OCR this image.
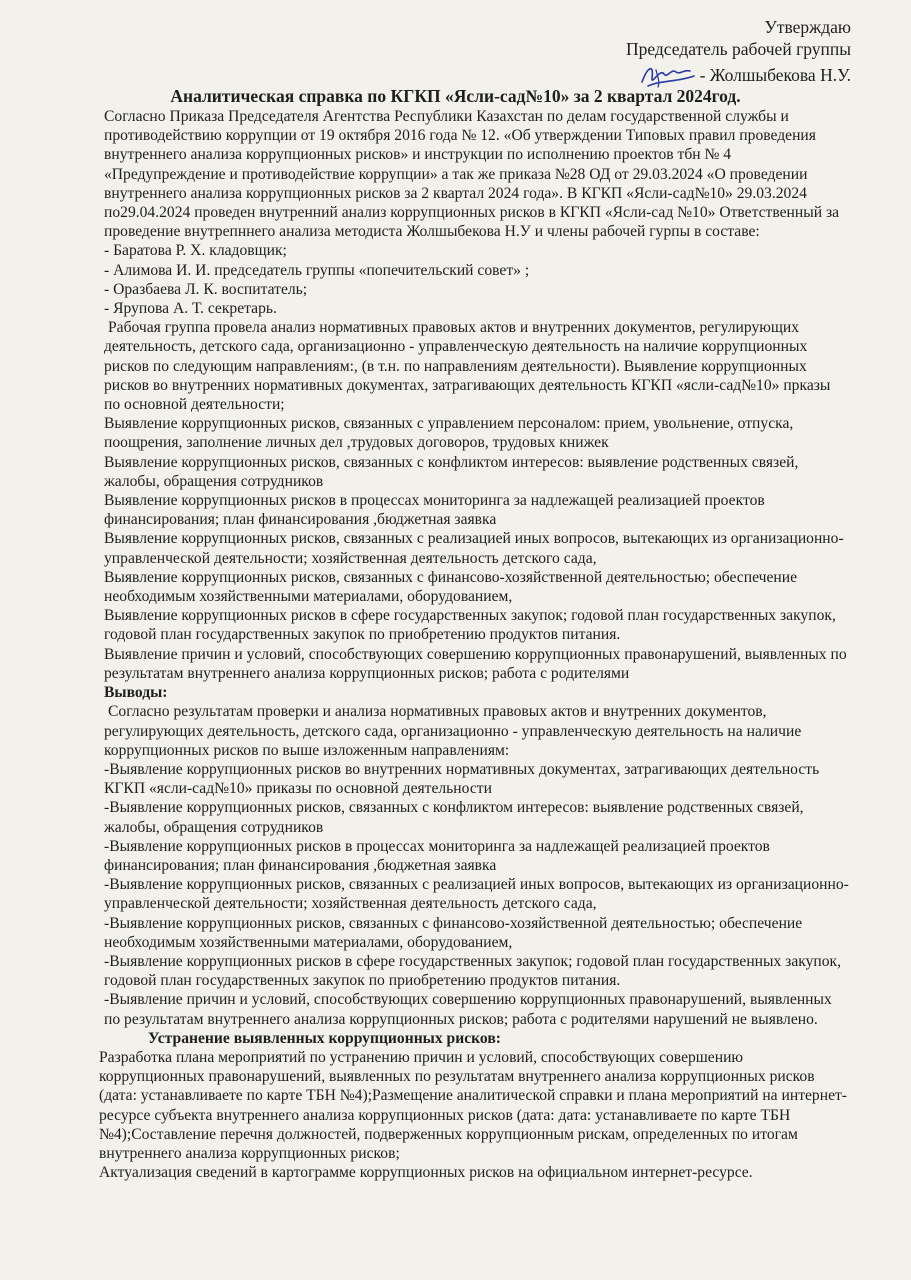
Утверждаю
Председатель рабочей группы
- Жолшыбекова Н.У.
Аналитическая справка по КГКП «Ясли-сад№10» за 2 квартал 2024год.

Согласно Приказа Председателя Агентства Республики Казахстан по делам государственной службы и противодействию коррупции от 19 октября 2016 года № 12. «Об утверждении Типовых правил проведения внутреннего анализа коррупционных рисков» и инструкции по исполнению проектов тбн № 4 «Предупреждение и противодействие коррупции» а так же приказа №28 ОД от 29.03.2024 «О проведении внутреннего анализа коррупционных рисков за 2 квартал 2024 года». В КГКП «Ясли-сад№10» 29.03.2024 по29.04.2024 проведен внутренний анализ коррупционных рисков в КГКП «Ясли-сад №10» Ответственный за проведение внутрепннего анализа методиста Жолшыбекова Н.У и члены рабочей гурпы в составе:

- Баратова Р. Х. кладовщик;

- Алимова И. И. председатель группы «попечительский совет» ;

- Оразбаева Л. К. воспитатель;

- Ярупова А. Т. секретарь.

Рабочая группа провела анализ нормативных правовых актов и внутренних документов, регулирующих деятельность, детского сада, организационно - управленческую деятельность на наличие коррупционных рисков по следующим направлениям:, (в т.н. по направлениям деятельности). Выявление коррупционных рисков во внутренних нормативных документах, затрагивающих деятельность КГКП «ясли-сад№10» прказы по основной деятельности;

Выявление коррупционных рисков, связанных с управлением персоналом: прием, увольнение, отпуска, поощрения, заполнение личных дел ,трудовых договоров, трудовых книжек

Выявление коррупционных рисков, связанных с конфликтом интересов: выявление родственных связей, жалобы, обращения сотрудников

Выявление коррупционных рисков в процессах мониторинга за надлежащей реализацией проектов финансирования; план финансирования ,бюджетная заявка

Выявление коррупционных рисков, связанных с реализацией иных вопросов, вытекающих из организационно-управленческой деятельности; хозяйственная деятельность детского сада,

Выявление коррупционных рисков, связанных с финансово-хозяйственной деятельностью; обеспечение необходимым хозяйственными материалами, оборудованием,

Выявление коррупционных рисков в сфере государственных закупок; годовой план государственных закупок, годовой план государственных закупок по приобретению продуктов питания.

Выявление причин и условий, способствующих совершению коррупционных правонарушений, выявленных по результатам внутреннего анализа коррупционных рисков; работа с родителями

Выводы:

Согласно результатам проверки и анализа нормативных правовых актов и внутренних документов, регулирующих деятельность, детского сада, организационно - управленческую деятельность на наличие коррупционных рисков по выше изложенным направлениям:

-Выявление коррупционных рисков во внутренних нормативных документах, затрагивающих деятельность КГКП «ясли-сад№10» приказы по основной деятельности

-Выявление коррупционных рисков, связанных с конфликтом интересов: выявление родственных связей, жалобы, обращения сотрудников

-Выявление коррупционных рисков в процессах мониторинга за надлежащей реализацией проектов финансирования; план финансирования ,бюджетная заявка

-Выявление коррупционных рисков, связанных с реализацией иных вопросов, вытекающих из организационно-управленческой деятельности; хозяйственная деятельность детского сада,

-Выявление коррупционных рисков, связанных с финансово-хозяйственной деятельностью; обеспечение необходимым хозяйственными материалами, оборудованием,

-Выявление коррупционных рисков в сфере государственных закупок; годовой план государственных закупок, годовой план государственных закупок по приобретению продуктов питания.

-Выявление причин и условий, способствующих совершению коррупционных правонарушений, выявленных по результатам внутреннего анализа коррупционных рисков; работа с родителями нарушений не выявлено.

Устранение выявленных коррупционных рисков:

Разработка плана мероприятий по устранению причин и условий, способствующих совершению коррупционных правонарушений, выявленных по результатам внутреннего анализа коррупционных рисков (дата: устанавливаете по карте ТБН №4);Размещение аналитической справки и плана мероприятий на интернет-ресурсе субъекта внутреннего анализа коррупционных рисков (дата: дата: устанавливаете по карте ТБН №4);Составление перечня должностей, подверженных коррупционным рискам, определенных по итогам внутреннего анализа коррупционных рисков;

Актуализация сведений в картограмме коррупционных рисков на официальном интернет-ресурсе.
